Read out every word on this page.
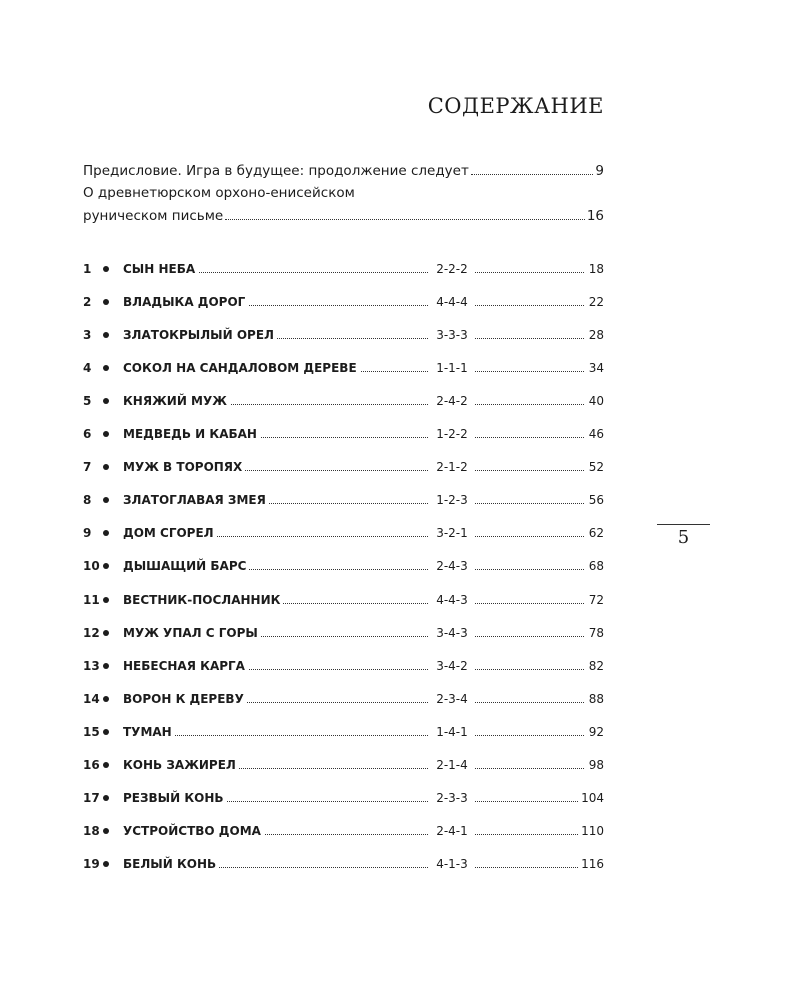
СОДЕРЖАНИЕ
Предисловие. Игра в будущее: продолжение следует	9
О древнетюрском орхоно-енисейском
руническом письме	16
1	СЫН НЕБА	2-2-2	18
2	ВЛАДЫКА ДОРОГ	4-4-4	22
3	ЗЛАТОКРЫЛЫЙ ОРЕЛ	3-3-3	28
4	СОКОЛ НА САНДАЛОВОМ ДЕРЕВЕ	1-1-1	34
5	КНЯЖИЙ МУЖ	2-4-2	40
6	МЕДВЕДЬ И КАБАН	1-2-2	46
7	МУЖ В ТОРОПЯХ	2-1-2	52
8	ЗЛАТОГЛАВАЯ ЗМЕЯ	1-2-3	56
9	ДОМ СГОРЕЛ	3-2-1	62
10 ДЫШАЩИЙ БАРС	2-4-3	68
11 ВЕСТНИК-ПОСЛАННИК	4-4-3	72
12 МУЖ УПАЛ С ГОРЫ	3-4-3	78
13 НЕБЕСНАЯ КАРГА	3-4-2	82
14 ВОРОН К ДЕРЕВУ	2-3-4	88
15 ТУМАН	1-4-1	92
16 КОНЬ ЗАЖИРЕЛ	2-1-4	98
17 РЕЗВЫЙ КОНЬ	2-3-3	104
18 УСТРОЙСТВО ДОМА	2-4-1	110
19 БЕЛЫЙ КОНЬ	4-1-3	116
5
